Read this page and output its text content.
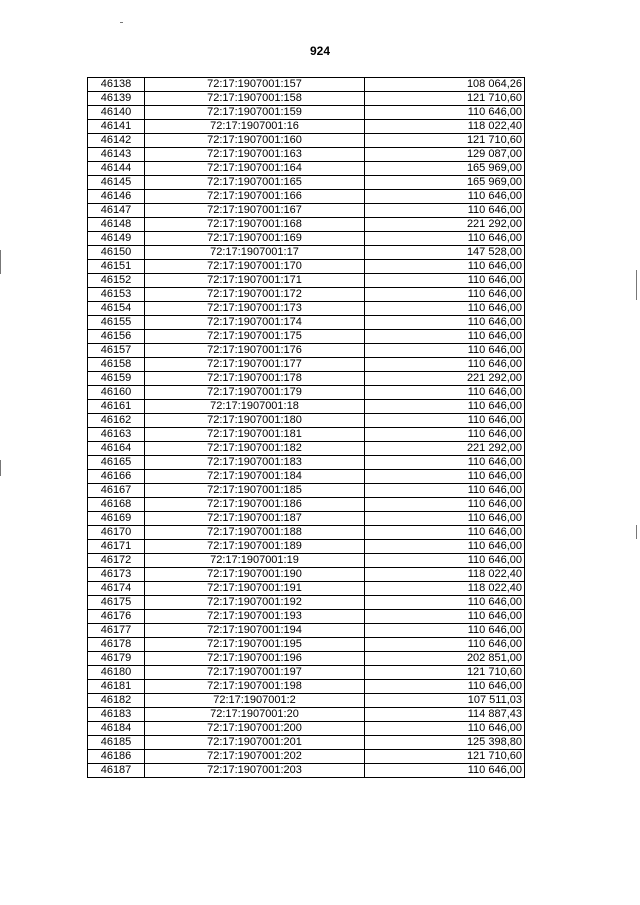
924
46138	72:17:1907001:157	108 064,26
46139	72:17:1907001:158	121 710,60
46140	72:17:1907001:159	110 646,00
46141	72:17:1907001:16	118 022,40
46142	72:17:1907001:160	121 710,60
46143	72:17:1907001:163	129 087,00
46144	72:17:1907001:164	165 969,00
46145	72:17:1907001:165	165 969,00
46146	72:17:1907001:166	110 646,00
46147	72:17:1907001:167	110 646,00
46148	72:17:1907001:168	221 292,00
46149	72:17:1907001:169	110 646,00
46150	72:17:1907001:17	147 528,00
46151	72:17:1907001:170	110 646,00
46152	72:17:1907001:171	110 646,00
46153	72:17:1907001:172	110 646,00
46154	72:17:1907001:173	110 646,00
46155	72:17:1907001:174	110 646,00
46156	72:17:1907001:175	110 646,00
46157	72:17:1907001:176	110 646,00
46158	72:17:1907001:177	110 646,00
46159	72:17:1907001:178	221 292,00
46160	72:17:1907001:179	110 646,00
46161	72:17:1907001:18	110 646,00
46162	72:17:1907001:180	110 646,00
46163	72:17:1907001:181	110 646,00
46164	72:17:1907001:182	221 292,00
46165	72:17:1907001:183	110 646,00
46166	72:17:1907001:184	110 646,00
46167	72:17:1907001:185	110 646,00
46168	72:17:1907001:186	110 646,00
46169	72:17:1907001:187	110 646,00
46170	72:17:1907001:188	110 646,00
46171	72:17:1907001:189	110 646,00
46172	72:17:1907001:19	110 646,00
46173	72:17:1907001:190	118 022,40
46174	72:17:1907001:191	118 022,40
46175	72:17:1907001:192	110 646,00
46176	72:17:1907001:193	110 646,00
46177	72:17:1907001:194	110 646,00
46178	72:17:1907001:195	110 646,00
46179	72:17:1907001:196	202 851,00
46180	72:17:1907001:197	121 710,60
46181	72:17:1907001:198	110 646,00
46182	72:17:1907001:2	107 511,03
46183	72:17:1907001:20	114 887,43
46184	72:17:1907001:200	110 646,00
46185	72:17:1907001:201	125 398,80
46186	72:17:1907001:202	121 710,60
46187	72:17:1907001:203	110 646,00
